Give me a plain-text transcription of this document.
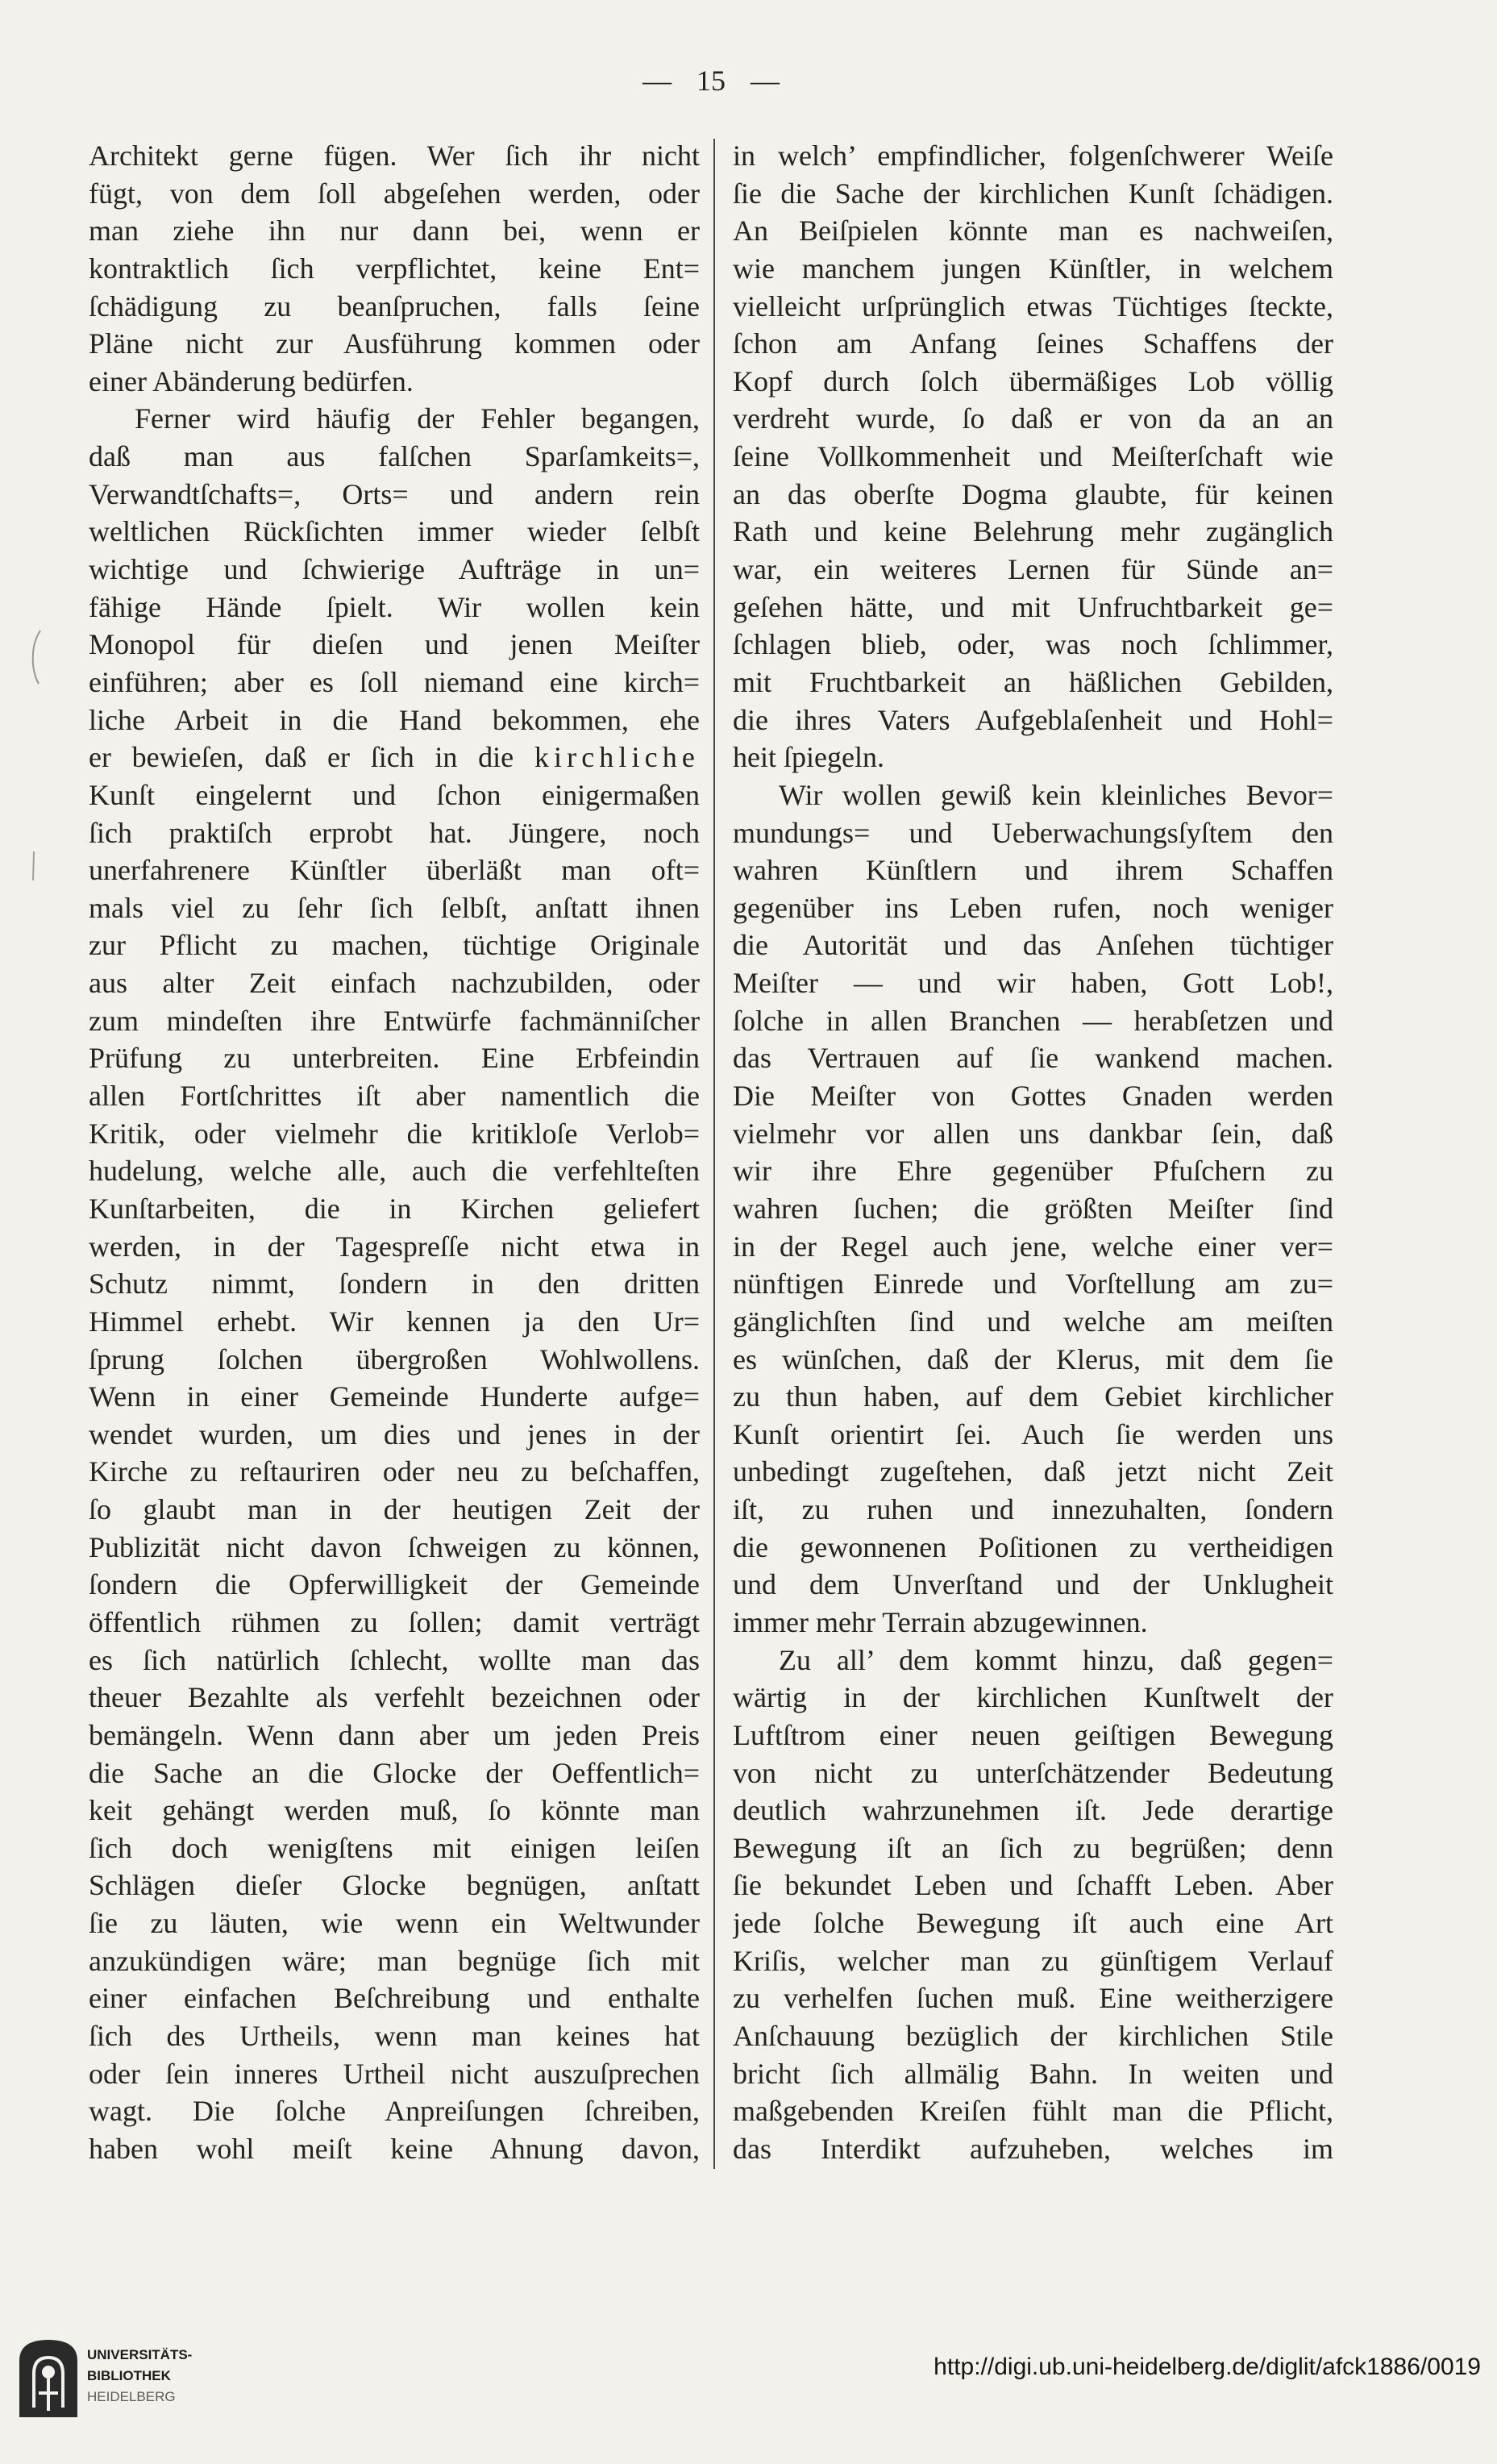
— 15 —
Architekt gerne fügen. Wer ſich ihr nicht
fügt, von dem ſoll abgeſehen werden, oder
man ziehe ihn nur dann bei, wenn er
kontraktlich ſich verpflichtet, keine Ent=
ſchädigung zu beanſpruchen, falls ſeine
Pläne nicht zur Ausführung kommen oder
einer Abänderung bedürfen.
Ferner wird häufig der Fehler begangen,
daß man aus falſchen Sparſamkeits=,
Verwandtſchafts=, Orts= und andern rein
weltlichen Rückſichten immer wieder ſelbſt
wichtige und ſchwierige Aufträge in un=
fähige Hände ſpielt. Wir wollen kein
Monopol für dieſen und jenen Meiſter
einführen; aber es ſoll niemand eine kirch=
liche Arbeit in die Hand bekommen, ehe
er bewieſen, daß er ſich in die kirchliche
Kunſt eingelernt und ſchon einigermaßen
ſich praktiſch erprobt hat. Jüngere, noch
unerfahrenere Künſtler überläßt man oft=
mals viel zu ſehr ſich ſelbſt, anſtatt ihnen
zur Pflicht zu machen, tüchtige Originale
aus alter Zeit einfach nachzubilden, oder
zum mindeſten ihre Entwürfe fachmänniſcher
Prüfung zu unterbreiten. Eine Erbfeindin
allen Fortſchrittes iſt aber namentlich die
Kritik, oder vielmehr die kritikloſe Verlob=
hudelung, welche alle, auch die verfehlteſten
Kunſtarbeiten, die in Kirchen geliefert
werden, in der Tagespreſſe nicht etwa in
Schutz nimmt, ſondern in den dritten
Himmel erhebt. Wir kennen ja den Ur=
ſprung ſolchen übergroßen Wohlwollens.
Wenn in einer Gemeinde Hunderte aufge=
wendet wurden, um dies und jenes in der
Kirche zu reſtauriren oder neu zu beſchaffen,
ſo glaubt man in der heutigen Zeit der
Publizität nicht davon ſchweigen zu können,
ſondern die Opferwilligkeit der Gemeinde
öffentlich rühmen zu ſollen; damit verträgt
es ſich natürlich ſchlecht, wollte man das
theuer Bezahlte als verfehlt bezeichnen oder
bemängeln. Wenn dann aber um jeden Preis
die Sache an die Glocke der Oeffentlich=
keit gehängt werden muß, ſo könnte man
ſich doch wenigſtens mit einigen leiſen
Schlägen dieſer Glocke begnügen, anſtatt
ſie zu läuten, wie wenn ein Weltwunder
anzukündigen wäre; man begnüge ſich mit
einer einfachen Beſchreibung und enthalte
ſich des Urtheils, wenn man keines hat
oder ſein inneres Urtheil nicht auszuſprechen
wagt. Die ſolche Anpreiſungen ſchreiben,
haben wohl meiſt keine Ahnung davon,
in welch’ empfindlicher, folgenſchwerer Weiſe
ſie die Sache der kirchlichen Kunſt ſchädigen.
An Beiſpielen könnte man es nachweiſen,
wie manchem jungen Künſtler, in welchem
vielleicht urſprünglich etwas Tüchtiges ſteckte,
ſchon am Anfang ſeines Schaffens der
Kopf durch ſolch übermäßiges Lob völlig
verdreht wurde, ſo daß er von da an an
ſeine Vollkommenheit und Meiſterſchaft wie
an das oberſte Dogma glaubte, für keinen
Rath und keine Belehrung mehr zugänglich
war, ein weiteres Lernen für Sünde an=
geſehen hätte, und mit Unfruchtbarkeit ge=
ſchlagen blieb, oder, was noch ſchlimmer,
mit Fruchtbarkeit an häßlichen Gebilden,
die ihres Vaters Aufgeblaſenheit und Hohl=
heit ſpiegeln.
Wir wollen gewiß kein kleinliches Bevor=
mundungs= und Ueberwachungsſyſtem den
wahren Künſtlern und ihrem Schaffen
gegenüber ins Leben rufen, noch weniger
die Autorität und das Anſehen tüchtiger
Meiſter — und wir haben, Gott Lob!,
ſolche in allen Branchen — herabſetzen und
das Vertrauen auf ſie wankend machen.
Die Meiſter von Gottes Gnaden werden
vielmehr vor allen uns dankbar ſein, daß
wir ihre Ehre gegenüber Pfuſchern zu
wahren ſuchen; die größten Meiſter ſind
in der Regel auch jene, welche einer ver=
nünftigen Einrede und Vorſtellung am zu=
gänglichſten ſind und welche am meiſten
es wünſchen, daß der Klerus, mit dem ſie
zu thun haben, auf dem Gebiet kirchlicher
Kunſt orientirt ſei. Auch ſie werden uns
unbedingt zugeſtehen, daß jetzt nicht Zeit
iſt, zu ruhen und innezuhalten, ſondern
die gewonnenen Poſitionen zu vertheidigen
und dem Unverſtand und der Unklugheit
immer mehr Terrain abzugewinnen.
Zu all’ dem kommt hinzu, daß gegen=
wärtig in der kirchlichen Kunſtwelt der
Luftſtrom einer neuen geiſtigen Bewegung
von nicht zu unterſchätzender Bedeutung
deutlich wahrzunehmen iſt. Jede derartige
Bewegung iſt an ſich zu begrüßen; denn
ſie bekundet Leben und ſchafft Leben. Aber
jede ſolche Bewegung iſt auch eine Art
Kriſis, welcher man zu günſtigem Verlauf
zu verhelfen ſuchen muß. Eine weitherzigere
Anſchauung bezüglich der kirchlichen Stile
bricht ſich allmälig Bahn. In weiten und
maßgebenden Kreiſen fühlt man die Pflicht,
das Interdikt aufzuheben, welches im
UNIVERSITÄTS-
BIBLIOTHEK
HEIDELBERG
http://digi.ub.uni-heidelberg.de/diglit/afck1886/0019
